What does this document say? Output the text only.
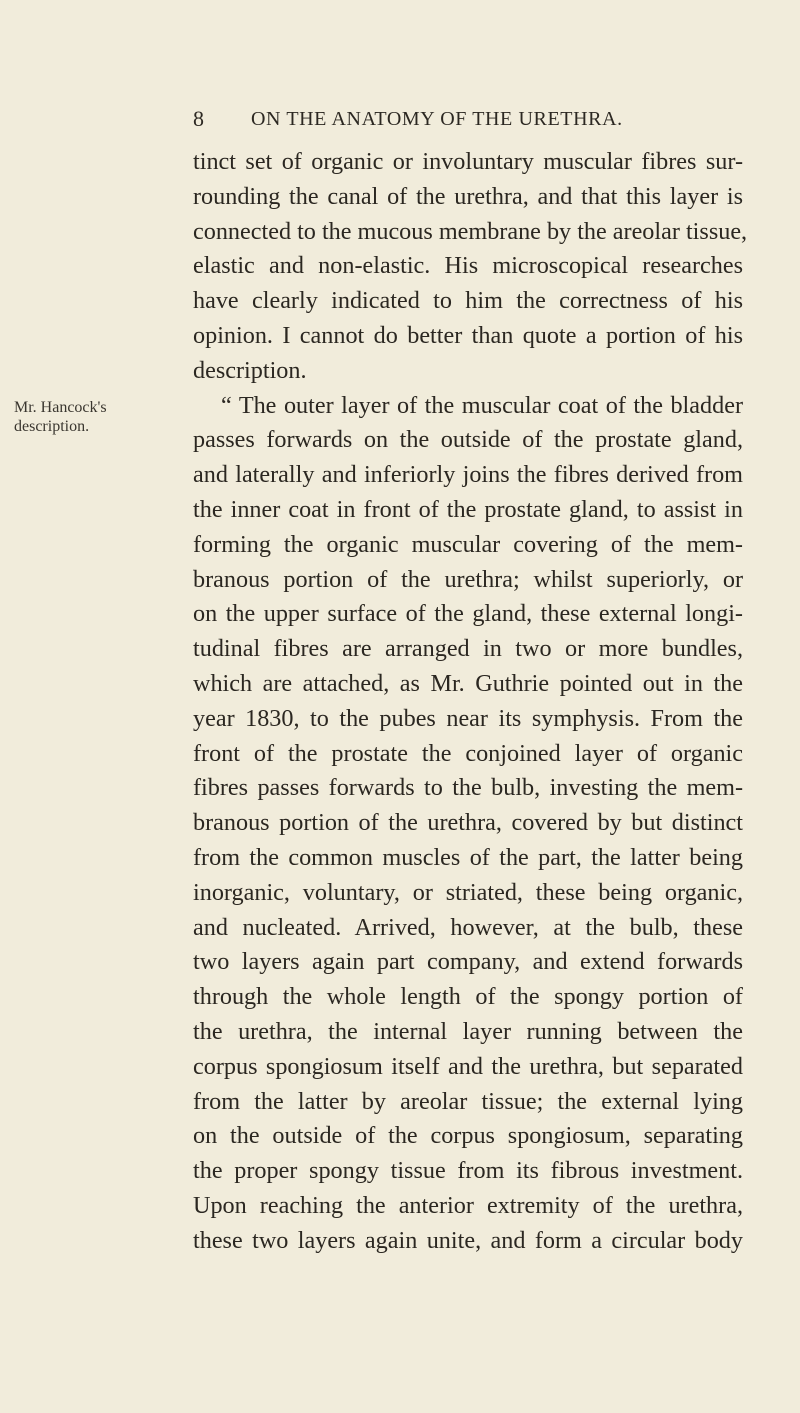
8 ON THE ANATOMY OF THE URETHRA.
Mr. Hancock's
description.
tinct set of organic or involuntary muscular fibres sur-
rounding the canal of the urethra, and that this layer is
connected to the mucous membrane by the areolar tissue,
elastic and non-elastic. His microscopical researches
have clearly indicated to him the correctness of his
opinion. I cannot do better than quote a portion of his
description.
“ The outer layer of the muscular coat of the bladder
passes forwards on the outside of the prostate gland,
and laterally and inferiorly joins the fibres derived from
the inner coat in front of the prostate gland, to assist in
forming the organic muscular covering of the mem-
branous portion of the urethra; whilst superiorly, or
on the upper surface of the gland, these external longi-
tudinal fibres are arranged in two or more bundles,
which are attached, as Mr. Guthrie pointed out in the
year 1830, to the pubes near its symphysis. From the
front of the prostate the conjoined layer of organic
fibres passes forwards to the bulb, investing the mem-
branous portion of the urethra, covered by but distinct
from the common muscles of the part, the latter being
inorganic, voluntary, or striated, these being organic,
and nucleated. Arrived, however, at the bulb, these
two layers again part company, and extend forwards
through the whole length of the spongy portion of
the urethra, the internal layer running between the
corpus spongiosum itself and the urethra, but separated
from the latter by areolar tissue; the external lying
on the outside of the corpus spongiosum, separating
the proper spongy tissue from its fibrous investment.
Upon reaching the anterior extremity of the urethra,
these two layers again unite, and form a circular body
